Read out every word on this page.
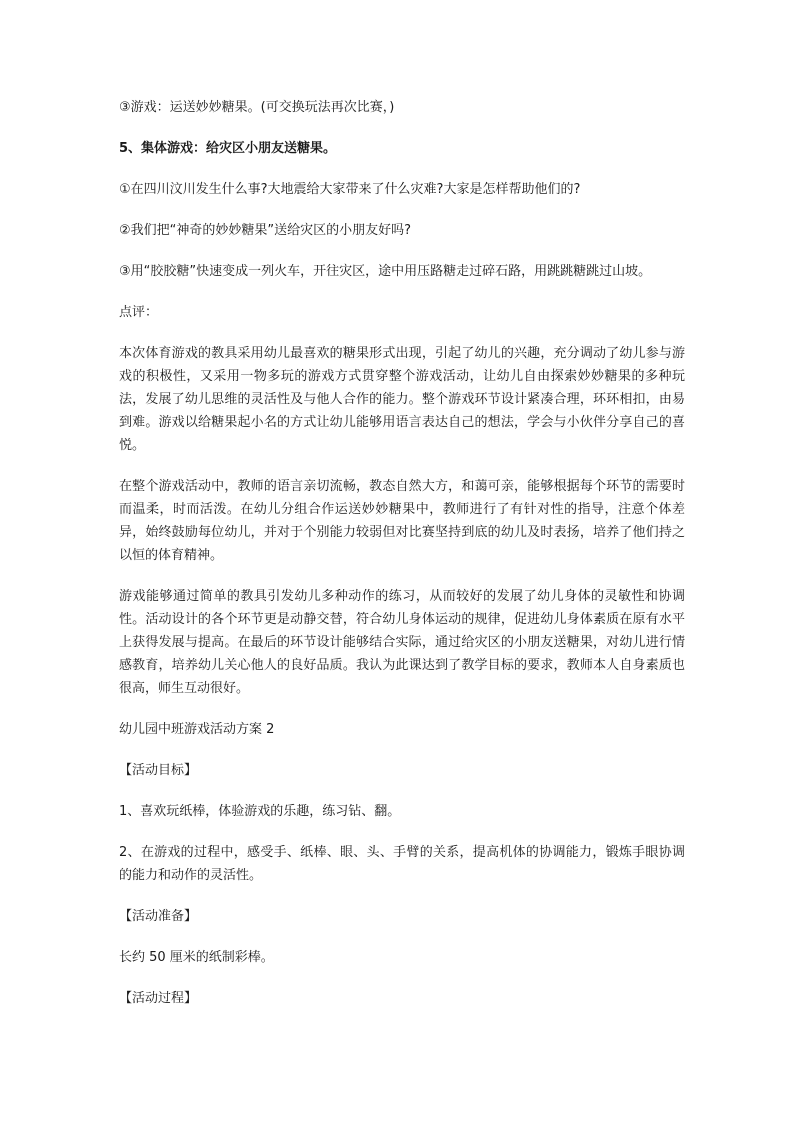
③游戏：运送妙妙糖果。(可交换玩法再次比赛，)

5、集体游戏：给灾区小朋友送糖果。

①在四川汶川发生什么事?大地震给大家带来了什么灾难?大家是怎样帮助他们的?

②我们把“神奇的妙妙糖果”送给灾区的小朋友好吗?

③用“胶胶糖”快速变成一列火车，开往灾区，途中用压路糖走过碎石路，用跳跳糖跳过山坡。

点评：

本次体育游戏的教具采用幼儿最喜欢的糖果形式出现，引起了幼儿的兴趣，充分调动了幼儿参与游戏的积极性，又采用一物多玩的游戏方式贯穿整个游戏活动，让幼儿自由探索妙妙糖果的多种玩法，发展了幼儿思维的灵活性及与他人合作的能力。整个游戏环节设计紧凑合理，环环相扣，由易到难。游戏以给糖果起小名的方式让幼儿能够用语言表达自己的想法，学会与小伙伴分享自己的喜悦。

在整个游戏活动中，教师的语言亲切流畅，教态自然大方，和蔼可亲，能够根据每个环节的需要时而温柔，时而活泼。在幼儿分组合作运送妙妙糖果中，教师进行了有针对性的指导，注意个体差异，始终鼓励每位幼儿，并对于个别能力较弱但对比赛坚持到底的幼儿及时表扬，培养了他们持之以恒的体育精神。

游戏能够通过简单的教具引发幼儿多种动作的练习，从而较好的发展了幼儿身体的灵敏性和协调性。活动设计的各个环节更是动静交替，符合幼儿身体运动的规律，促进幼儿身体素质在原有水平上获得发展与提高。在最后的环节设计能够结合实际，通过给灾区的小朋友送糖果，对幼儿进行情感教育，培养幼儿关心他人的良好品质。我认为此课达到了教学目标的要求，教师本人自身素质也很高，师生互动很好。

幼儿园中班游戏活动方案 2

【活动目标】

1、喜欢玩纸棒，体验游戏的乐趣，练习钻、翻。

2、在游戏的过程中，感受手、纸棒、眼、头、手臂的关系，提高机体的协调能力，锻炼手眼协调的能力和动作的灵活性。

【活动准备】

长约 50 厘米的纸制彩棒。

【活动过程】
